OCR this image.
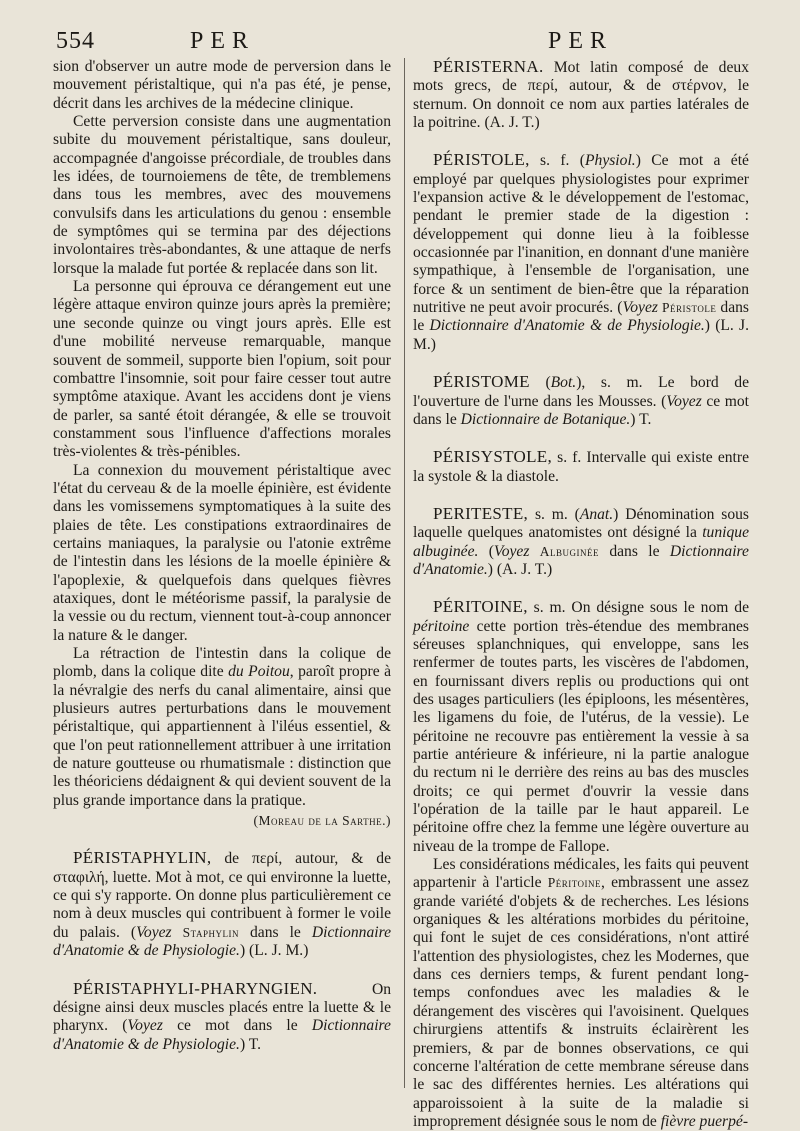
554	PER	PER

sion d'observer un autre mode de perversion dans le mouvement péristaltique, qui n'a pas été, je pense, décrit dans les archives de la médecine clinique.

Cette perversion consiste dans une augmentation subite du mouvement péristaltique, sans douleur, accompagnée d'angoisse précordiale, de troubles dans les idées, de tournoiemens de tête, de tremblemens dans tous les membres, avec des mouvemens convulsifs dans les articulations du genou : ensemble de symptômes qui se termina par des déjections involontaires très-abondantes, & une attaque de nerfs lorsque la malade fut portée & replacée dans son lit.

La personne qui éprouva ce dérangement eut une légère attaque environ quinze jours après la première; une seconde quinze ou vingt jours après. Elle est d'une mobilité nerveuse remarquable, manque souvent de sommeil, supporte bien l'opium, soit pour combattre l'insomnie, soit pour faire cesser tout autre symptôme ataxique. Avant les accidens dont je viens de parler, sa santé étoit dérangée, & elle se trouvoit constamment sous l'influence d'affections morales très-violentes & très-pénibles.

La connexion du mouvement péristaltique avec l'état du cerveau & de la moelle épinière, est évidente dans les vomissemens symptomatiques à la suite des plaies de tête. Les constipations extraordinaires de certains maniaques, la paralysie ou l'atonie extrême de l'intestin dans les lésions de la moelle épinière & l'apoplexie, & quelquefois dans quelques fièvres ataxiques, dont le météorisme passif, la paralysie de la vessie ou du rectum, viennent tout-à-coup annoncer la nature & le danger.

La rétraction de l'intestin dans la colique de plomb, dans la colique dite du Poitou, paroît propre à la névralgie des nerfs du canal alimentaire, ainsi que plusieurs autres perturbations dans le mouvement péristaltique, qui appartiennent à l'iléus essentiel, & que l'on peut rationnellement attribuer à une irritation de nature goutteuse ou rhumatismale : distinction que les théoriciens dédaignent & qui devient souvent de la plus grande importance dans la pratique.

(Moreau de la Sarthe.)

PÉRISTAPHYLIN, de περί, autour, & de σταφιλή, luette. Mot à mot, ce qui environne la luette, ce qui s'y rapporte. On donne plus particulièrement ce nom à deux muscles qui contribuent à former le voile du palais. (Voyez Staphylin dans le Dictionnaire d'Anatomie & de Physiologie.) (L. J. M.)

PÉRISTAPHYLI-PHARYNGIEN.	On désigne ainsi deux muscles placés entre la luette & le pharynx. (Voyez ce mot dans le Dictionnaire d'Anatomie & de Physiologie.) T.

PÉRISTERNA. Mot latin composé de deux mots grecs, de περί, autour, & de στέρνον, le sternum. On donnoit ce nom aux parties latérales de la poitrine. (A. J. T.)

PÉRISTOLE, s. f. (Physiol.) Ce mot a été employé par quelques physiologistes pour exprimer l'expansion active & le développement de l'estomac, pendant le premier stade de la digestion : développement qui donne lieu à la foiblesse occasionnée par l'inanition, en donnant d'une manière sympathique, à l'ensemble de l'organisation, une force & un sentiment de bien-être que la réparation nutritive ne peut avoir procurés. (Voyez Péristole dans le Dictionnaire d'Anatomie & de Physiologie.) (L. J. M.)

PÉRISTOME (Bot.), s. m. Le bord de l'ouverture de l'urne dans les Mousses. (Voyez ce mot dans le Dictionnaire de Botanique.) T.

PÉRISYSTOLE, s. f. Intervalle qui existe entre la systole & la diastole.

PERITESTE, s. m. (Anat.) Dénomination sous laquelle quelques anatomistes ont désigné la tunique albuginée. (Voyez Albuginée dans le Dictionnaire d'Anatomie.) (A. J. T.)

PÉRITOINE, s. m. On désigne sous le nom de péritoine cette portion très-étendue des membranes séreuses splanchniques, qui enveloppe, sans les renfermer de toutes parts, les viscères de l'abdomen, en fournissant divers replis ou productions qui ont des usages particuliers (les épiploons, les mésentères, les ligamens du foie, de l'utérus, de la vessie). Le péritoine ne recouvre pas entièrement la vessie à sa partie antérieure & inférieure, ni la partie analogue du rectum ni le derrière des reins au bas des muscles droits; ce qui permet d'ouvrir la vessie dans l'opération de la taille par le haut appareil. Le péritoine offre chez la femme une légère ouverture au niveau de la trompe de Fallope.

Les considérations médicales, les faits qui peuvent appartenir à l'article Péritoine, embrassent une assez grande variété d'objets & de recherches. Les lésions organiques & les altérations morbides du péritoine, qui font le sujet de ces considérations, n'ont attiré l'attention des physiologistes, chez les Modernes, que dans ces derniers temps, & furent pendant long-temps confondues avec les maladies & le dérangement des viscères qui l'avoisinent. Quelques chirurgiens attentifs & instruits éclairèrent les premiers, & par de bonnes observations, ce qui concerne l'altération de cette membrane séreuse dans le sac des différentes hernies. Les altérations qui apparoissoient à la suite de la maladie si improprement désignée sous le nom de fièvre puerpé-
